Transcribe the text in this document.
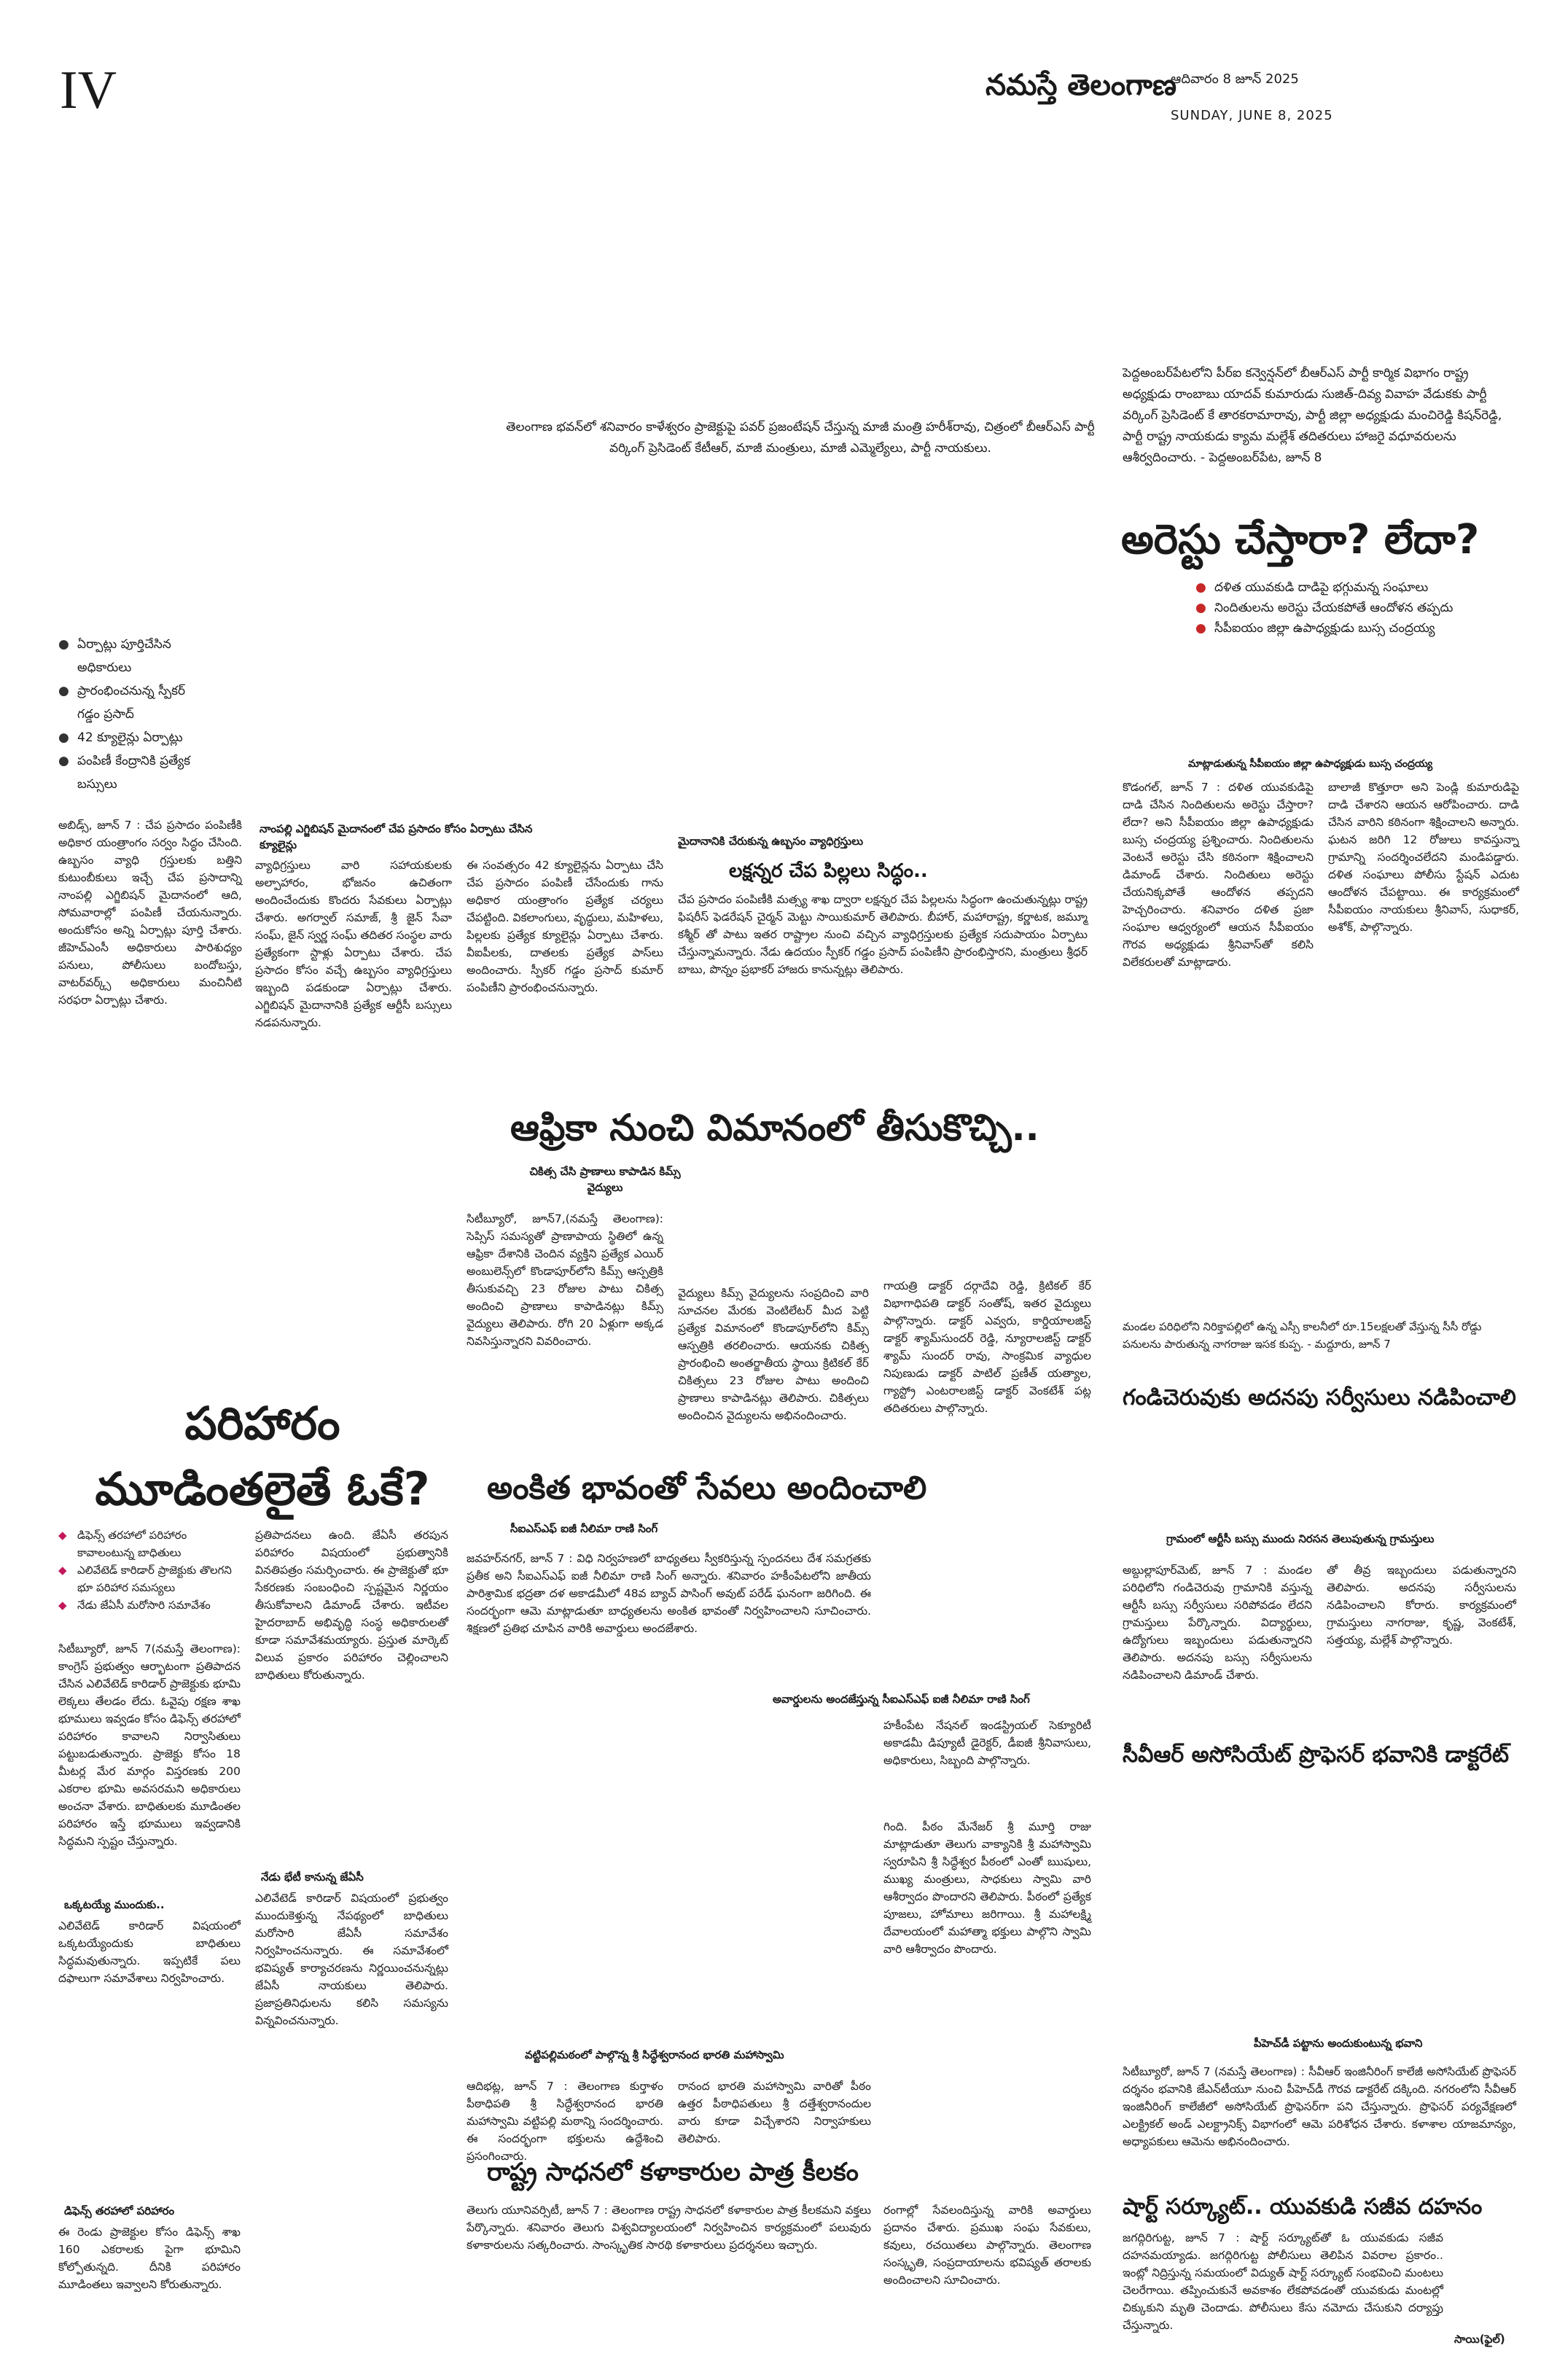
IV	నమస్తే తెలంగాణ
ఆదివారం 8 జూన్ 2025
SUNDAY, JUNE 8, 2025
పెద్దఅంబర్‌పేటలోని పీర్ఐ కన్వెన్షన్‌లో బీఆర్‌ఎస్ పార్టీ కార్మిక విభాగం రాష్ట్ర అధ్యక్షుడు రాంబాబు యాదవ్ కుమారుడు సుజిత్-దివ్య వివాహ వేడుకకు పార్టీ వర్కింగ్ ప్రెసిడెంట్ కే తారకరామారావు, పార్టీ జిల్లా అధ్యక్షుడు మంచిరెడ్డి కిషన్‌రెడ్డి, పార్టీ రాష్ట్ర నాయకుడు క్యామ మల్లేశ్ తదితరులు హాజరై వధూవరులను ఆశీర్వదించారు. - పెద్దఅంబర్‌పేట, జూన్ 8
అరెస్టు చేస్తారా? లేదా?
● దళిత యువకుడి దాడిపై భగ్గుమన్న సంఘాలు
● నిందితులను అరెస్టు చేయకపోతే ఆందోళన తప్పదు
● సీపీఐయం జిల్లా ఉపాధ్యక్షుడు బుస్స చంద్రయ్య
మాట్లాడుతున్న సీపీఐయం జిల్లా ఉపాధ్యక్షుడు బుస్స చంద్రయ్య
కొడంగల్, జూన్ 7 : దళిత యువకుడిపై దాడి చేసిన నిందితులను అరెస్టు చేస్తారా? లేదా? అని సీపీఐయం జిల్లా ఉపాధ్యక్షుడు బుస్స చంద్రయ్య ప్రశ్నించారు. నిందితులను వెంటనే అరెస్టు చేసి కఠినంగా శిక్షించాలని డిమాండ్ చేశారు. నిందితులు అరెస్టు చేయనిక్కపోతే ఆందోళన తప్పదని హెచ్చరించారు. శనివారం దళిత ప్రజా సంఘాల ఆధ్వర్యంలో ఆయన సీపీఐయం గౌరవ అధ్యక్షుడు శ్రీనివాస్‌తో కలిసి విలేకరులతో మాట్లాడారు.
బాలాజీ కొత్తూరా అని పెండ్లి కుమారుడిపై దాడి చేశారని ఆయన ఆరోపించారు. దాడి చేసిన వారిని కఠినంగా శిక్షించాలని అన్నారు. ఘటన జరిగి 12 రోజులు కావస్తున్నా గ్రామాన్ని సందర్శించలేదని మండిపడ్డారు. దళిత సంఘాలు పోలీసు స్టేషన్ ఎదుట ఆందోళన చేపట్టాయి. ఈ కార్యక్రమంలో సీపీఐయం నాయకులు శ్రీనివాస్, సుధాకర్, అశోక్, పాల్గొన్నారు.
తెలంగాణ భవన్‌లో శనివారం కాళేశ్వరం ప్రాజెక్టుపై పవర్ ప్రజంటేషన్ చేస్తున్న మాజీ మంత్రి హరీశ్‌రావు, చిత్రంలో బీఆర్‌ఎస్ పార్టీ వర్కింగ్ ప్రెసిడెంట్ కేటీఆర్, మాజీ మంత్రులు, మాజీ ఎమ్మెల్యేలు, పార్టీ నాయకులు.
● ఏర్పాట్లు పూర్తిచేసిన అధికారులు
● ప్రారంభించనున్న స్పీకర్ గడ్డం ప్రసాద్
● 42 క్యూలైన్లు ఏర్పాట్లు
● పంపిణీ కేంద్రానికి ప్రత్యేక బస్సులు
అబిడ్స్, జూన్ 7 : చేప ప్రసాదం పంపిణీకి అధికార యంత్రాంగం సర్వం సిద్ధం చేసింది. ఉబ్బసం వ్యాధి గ్రస్తులకు బత్తిని కుటుంబీకులు ఇచ్చే చేప ప్రసాదాన్ని నాంపల్లి ఎగ్జిబిషన్ మైదానంలో ఆది, సోమవారాల్లో పంపిణీ చేయనున్నారు. అందుకోసం అన్ని ఏర్పాట్లు పూర్తి చేశారు. జీహెచ్‌ఎంసీ అధికారులు పారిశుధ్యం పనులు, పోలీసులు బందోబస్తు, వాటర్‌వర్క్స్ అధికారులు మంచినీటి సరఫరా ఏర్పాట్లు చేశారు.
నాంపల్లి ఎగ్జిబిషన్ మైదానంలో చేప ప్రసాదం కోసం ఏర్పాటు చేసిన క్యూలైన్లు
వ్యాధిగ్రస్తులు వారి సహాయకులకు అల్పాహారం, భోజనం ఉచితంగా అందించేందుకు కొందరు సేవకులు ఏర్పాట్లు చేశారు. అగర్వాల్ సమాజ్, శ్రీ జైన్ సేవా సంఘ్, జైన్ స్వర్ణ సంఘ్ తదితర సంస్థల వారు ప్రత్యేకంగా స్టాళ్లు ఏర్పాటు చేశారు. చేప ప్రసాదం కోసం వచ్చే ఉబ్బసం వ్యాధిగ్రస్తులు ఇబ్బంది పడకుండా ఏర్పాట్లు చేశారు. ఎగ్జిబిషన్ మైదానానికి ప్రత్యేక ఆర్టీసీ బస్సులు నడపనున్నారు.
ఈ సంవత్సరం 42 క్యూలైన్లను ఏర్పాటు చేసి చేప ప్రసాదం పంపిణీ చేసేందుకు గాను అధికార యంత్రాంగం ప్రత్యేక చర్యలు చేపట్టింది. వికలాంగులు, వృద్ధులు, మహిళలు, పిల్లలకు ప్రత్యేక క్యూలైన్లు ఏర్పాటు చేశారు. వీఐపీలకు, దాతలకు ప్రత్యేక పాస్‌లు అందించారు. స్పీకర్ గడ్డం ప్రసాద్ కుమార్ పంపిణీని ప్రారంభించనున్నారు.
మైదానానికి చేరుకున్న ఉబ్బసం వ్యాధిగ్రస్తులు
లక్షన్నర చేప పిల్లలు సిద్ధం..
చేప ప్రసాదం పంపిణీకి మత్స్య శాఖ ద్వారా లక్షన్నర చేప పిల్లలను సిద్ధంగా ఉంచుతున్నట్లు రాష్ట్ర ఫిషరీస్ ఫెడరేషన్ చైర్మన్ మెట్టు సాయికుమార్ తెలిపారు. బీహార్, మహారాష్ట్ర, కర్ణాటక, జమ్మూ కశ్మీర్ తో పాటు ఇతర రాష్ట్రాల నుంచి వచ్చిన వ్యాధిగ్రస్తులకు ప్రత్యేక సదుపాయం ఏర్పాటు చేస్తున్నామన్నారు. నేడు ఉదయం స్పీకర్ గడ్డం ప్రసాద్ పంపిణీని ప్రారంభిస్తారని, మంత్రులు శ్రీధర్ బాబు, పొన్నం ప్రభాకర్ హాజరు కానున్నట్లు తెలిపారు.
ఆఫ్రికా నుంచి విమానంలో తీసుకొచ్చి..
చికిత్స చేసి ప్రాణాలు కాపాడిన కిమ్స్ వైద్యులు
సిటీబ్యూరో, జూన్7,(నమస్తే తెలంగాణ): సెప్సిస్ సమస్యతో ప్రాణాపాయ స్థితిలో ఉన్న ఆఫ్రికా దేశానికి చెందిన వ్యక్తిని ప్రత్యేక ఎయిర్ అంబులెన్స్‌లో కొండాపూర్‌లోని కిమ్స్ ఆస్పత్రికి తీసుకువచ్చి 23 రోజుల పాటు చికిత్స అందించి ప్రాణాలు కాపాడినట్లు కిమ్స్ వైద్యులు తెలిపారు. రోగి 20 ఏళ్లుగా అక్కడ నివసిస్తున్నారని వివరించారు.
వైద్యులు కిమ్స్ వైద్యులను సంప్రదించి వారి సూచనల మేరకు వెంటిలేటర్ మీద పెట్టి ప్రత్యేక విమానంలో కొండాపూర్‌లోని కిమ్స్ ఆస్పత్రికి తరలించారు. ఆయనకు చికిత్స ప్రారంభించి అంతర్జాతీయ స్థాయి క్రిటికల్ కేర్ చికిత్సలు 23 రోజుల పాటు అందించి ప్రాణాలు కాపాడినట్లు తెలిపారు. చికిత్సలు అందించిన వైద్యులను అభినందించారు.
గాయత్రి డాక్టర్ దర్గాదేవి రెడ్డి, క్రిటికల్ కేర్ విభాగాధిపతి డాక్టర్ సంతోష్, ఇతర వైద్యులు పాల్గొన్నారు. డాక్టర్ ఎవ్వరు, కార్డియాలజిస్ట్ డాక్టర్ శ్యామ్‌సుందర్ రెడ్డి, న్యూరాలజిస్ట్ డాక్టర్ శ్యామ్ సుందర్ రావు, సాంక్రమిక వ్యాధుల నిపుణుడు డాక్టర్ పాటిల్ ప్రణీత్ యత్యాల, గ్యాస్ట్రో ఎంటరాలజిస్ట్ డాక్టర్ వెంకటేశ్ పట్ల తదితరులు పాల్గొన్నారు.
మండల పరిధిలోని నిరిక్తాపల్లిలో ఉన్న ఎస్సీ కాలనీలో రూ.15లక్షలతో వేస్తున్న సీసీ రోడ్డు పనులను పారుతున్న నాగరాజు ఇసక కుప్ప. - మద్దూరు, జూన్ 7
గండిచెరువుకు అదనపు సర్వీసులు నడిపించాలి
గ్రామంలో ఆర్టీసీ బస్సు ముందు నిరసన తెలుపుతున్న గ్రామస్తులు
అబ్దుల్లాపూర్‌మెట్, జూన్ 7 : మండల పరిధిలోని గండిచెరువు గ్రామానికి వస్తున్న ఆర్టీసీ బస్సు సర్వీసులు సరిపోవడం లేదని గ్రామస్తులు పేర్కొన్నారు. విద్యార్థులు, ఉద్యోగులు ఇబ్బందులు పడుతున్నారని తెలిపారు. అదనపు బస్సు సర్వీసులను నడిపించాలని డిమాండ్ చేశారు.
తో తీవ్ర ఇబ్బందులు పడుతున్నారని తెలిపారు. అదనపు సర్వీసులను నడిపించాలని కోరారు. కార్యక్రమంలో గ్రామస్తులు నాగరాజు, కృష్ణ, వెంకటేశ్, సత్తయ్య, మల్లేశ్ పాల్గొన్నారు.
సీవీఆర్ అసోసియేట్ ప్రొఫెసర్ భవానికి డాక్టరేట్
పీహెచ్‌డీ పట్టాను అందుకుంటున్న భవాని
సిటీబ్యూరో, జూన్ 7 (నమస్తే తెలంగాణ) : సీవీఆర్ ఇంజినీరింగ్ కాలేజీ అసోసియేట్ ప్రొఫెసర్ దర్శనం భవానికి జేఎన్‌టీయూ నుంచి పీహెచ్‌డీ గౌరవ డాక్టరేట్ దక్కింది. నగరంలోని సీవీఆర్ ఇంజినీరింగ్ కాలేజీలో అసోసియేట్ ప్రొఫెసర్‌గా పని చేస్తున్నారు. ప్రొఫెసర్ పర్యవేక్షణలో ఎలక్ట్రికల్ అండ్ ఎలక్ట్రానిక్స్ విభాగంలో ఆమె పరిశోధన చేశారు. కళాశాల యాజమాన్యం, అధ్యాపకులు ఆమెను అభినందించారు.
షార్ట్ సర్క్యూట్.. యువకుడి సజీవ దహనం
జగద్గిరిగుట్ట, జూన్ 7 : షార్ట్ సర్క్యూట్‌తో ఓ యువకుడు సజీవ దహనమయ్యాడు. జగద్గిరిగుట్ట పోలీసులు తెలిపిన వివరాల ప్రకారం.. ఇంట్లో నిద్రిస్తున్న సమయంలో విద్యుత్ షార్ట్ సర్క్యూట్ సంభవించి మంటలు చెలరేగాయి. తప్పించుకునే అవకాశం లేకపోవడంతో యువకుడు మంటల్లో చిక్కుకుని మృతి చెందాడు. పోలీసులు కేసు నమోదు చేసుకుని దర్యాప్తు చేస్తున్నారు.
సాయి(ఫైల్)
పరిహారం మూడింతలైతే ఓకే?
◆ డిఫెన్స్ తరహాలో పరిహారం కావాలంటున్న బాధితులు
◆ ఎలివేటెడ్ కారిడార్ ప్రాజెక్టుకు తొలగని భూ పరిహార సమస్యలు
◆ నేడు జేఏసీ మరోసారి సమావేశం
సిటీబ్యూరో, జూన్ 7(నమస్తే తెలంగాణ): కాంగ్రెస్ ప్రభుత్వం ఆర్భాటంగా ప్రతిపాదన చేసిన ఎలివేటెడ్ కారిడార్ ప్రాజెక్టుకు భూమి లెక్కలు తేలడం లేదు. ఓవైపు రక్షణ శాఖ భూములు ఇవ్వడం కోసం డిఫెన్స్ తరహాలో పరిహారం కావాలని నిర్వాసితులు పట్టుబడుతున్నారు. ప్రాజెక్టు కోసం 18 మీటర్ల మేర మార్గం విస్తరణకు 200 ఎకరాల భూమి అవసరమని అధికారులు అంచనా వేశారు. బాధితులకు మూడింతల పరిహారం ఇస్తే భూములు ఇవ్వడానికి సిద్ధమని స్పష్టం చేస్తున్నారు.
ఒక్కటయ్యే ముందుకు..
ఎలివేటెడ్ కారిడార్ విషయంలో ఒక్కటయ్యేందుకు బాధితులు సిద్ధమవుతున్నారు. ఇప్పటికే పలు దఫాలుగా సమావేశాలు నిర్వహించారు.
డిఫెన్స్ తరహాలో పరిహారం
ఈ రెండు ప్రాజెక్టుల కోసం డిఫెన్స్ శాఖ 160 ఎకరాలకు పైగా భూమిని కోల్పోతున్నది. దీనికి పరిహారం మూడింతలు ఇవ్వాలని కోరుతున్నారు.
ప్రతిపాదనలు ఉంది. జేఏసీ తరపున పరిహారం విషయంలో ప్రభుత్వానికి వినతిపత్రం సమర్పించారు. ఈ ప్రాజెక్టుతో భూ సేకరణకు సంబంధించి స్పష్టమైన నిర్ణయం తీసుకోవాలని డిమాండ్ చేశారు. ఇటీవల హైదరాబాద్ అభివృద్ధి సంస్థ అధికారులతో కూడా సమావేశమయ్యారు. ప్రస్తుత మార్కెట్ విలువ ప్రకారం పరిహారం చెల్లించాలని బాధితులు కోరుతున్నారు.
నేడు భేటీ కానున్న జేఏసీ
ఎలివేటెడ్ కారిడార్ విషయంలో ప్రభుత్వం ముందుకెళ్తున్న నేపథ్యంలో బాధితులు మరోసారి జేఏసీ సమావేశం నిర్వహించనున్నారు. ఈ సమావేశంలో భవిష్యత్ కార్యాచరణను నిర్ణయించనున్నట్లు జేఏసీ నాయకులు తెలిపారు. ప్రజాప్రతినిధులను కలిసి సమస్యను విన్నవించనున్నారు.
అంకిత భావంతో సేవలు అందించాలి
సీఐఎస్‌ఎఫ్ ఐజీ నీలిమా రాణి సింగ్
జవహర్‌నగర్, జూన్ 7 : విధి నిర్వహణలో బాధ్యతలు స్వీకరిస్తున్న స్పందనలు దేశ సమగ్రతకు ప్రతీక అని సీఐఎస్‌ఎఫ్ ఐజీ నీలిమా రాణి సింగ్ అన్నారు. శనివారం హకీంపేటలోని జాతీయ పారిశ్రామిక భద్రతా దళ అకాడమీలో 48వ బ్యాచ్ పాసింగ్ అవుట్ పరేడ్ ఘనంగా జరిగింది. ఈ సందర్భంగా ఆమె మాట్లాడుతూ బాధ్యతలను అంకిత భావంతో నిర్వహించాలని సూచించారు. శిక్షణలో ప్రతిభ చూపిన వారికి అవార్డులు అందజేశారు.
అవార్డులను అందజేస్తున్న సీఐఎస్‌ఎఫ్ ఐజీ నీలిమా రాణి సింగ్
హకీంపేట నేషనల్ ఇండస్ట్రియల్ సెక్యూరిటీ అకాడమీ డిప్యూటీ డైరెక్టర్, డీఐజీ శ్రీనివాసులు, అధికారులు, సిబ్బంది పాల్గొన్నారు.
గింది. పీఠం మేనేజర్ శ్రీ మూర్తి రాజు మాట్లాడుతూ తెలుగు వాక్యానికి శ్రీ మహాస్వామి స్వరూపిని శ్రీ సిద్ధేశ్వర పీఠంలో ఎంతో ఋషులు, ముఖ్య మంత్రులు, సాధకులు స్వామి వారి ఆశీర్వాదం పొందారని తెలిపారు. పీఠంలో ప్రత్యేక పూజలు, హోమాలు జరిగాయి. శ్రీ మహాలక్ష్మి దేవాలయంలో మహాత్మా భక్తులు పాల్గొని స్వామి వారి ఆశీర్వాదం పొందారు.
వట్టిపల్లిమఠంలో పాల్గొన్న శ్రీ సిద్ధేశ్వరానంద భారతి మహాస్వామి
ఆదిభట్ల, జూన్ 7 : తెలంగాణ కుర్తాళం పీఠాధిపతి శ్రీ సిద్ధేశ్వరానంద భారతి మహాస్వామి వట్టిపల్లి మఠాన్ని సందర్శించారు. ఈ సందర్భంగా భక్తులను ఉద్దేశించి ప్రసంగించారు.
రానంద భారతి మహాస్వామి వారితో పీఠం ఉత్తర పీఠాధిపతులు శ్రీ దత్తేశ్వరానందుల వారు కూడా విచ్చేశారని నిర్వాహకులు తెలిపారు.
రాష్ట్ర సాధనలో కళాకారుల పాత్ర కీలకం
తెలుగు యూనివర్సిటీ, జూన్ 7 : తెలంగాణ రాష్ట్ర సాధనలో కళాకారుల పాత్ర కీలకమని వక్తలు పేర్కొన్నారు. శనివారం తెలుగు విశ్వవిద్యాలయంలో నిర్వహించిన కార్యక్రమంలో పలువురు కళాకారులను సత్కరించారు. సాంస్కృతిక సారథి కళాకారులు ప్రదర్శనలు ఇచ్చారు.
రంగాల్లో సేవలందిస్తున్న వారికి అవార్డులు ప్రదానం చేశారు. ప్రముఖ సంఘ సేవకులు, కవులు, రచయితలు పాల్గొన్నారు. తెలంగాణ సంస్కృతి, సంప్రదాయాలను భవిష్యత్ తరాలకు అందించాలని సూచించారు.
